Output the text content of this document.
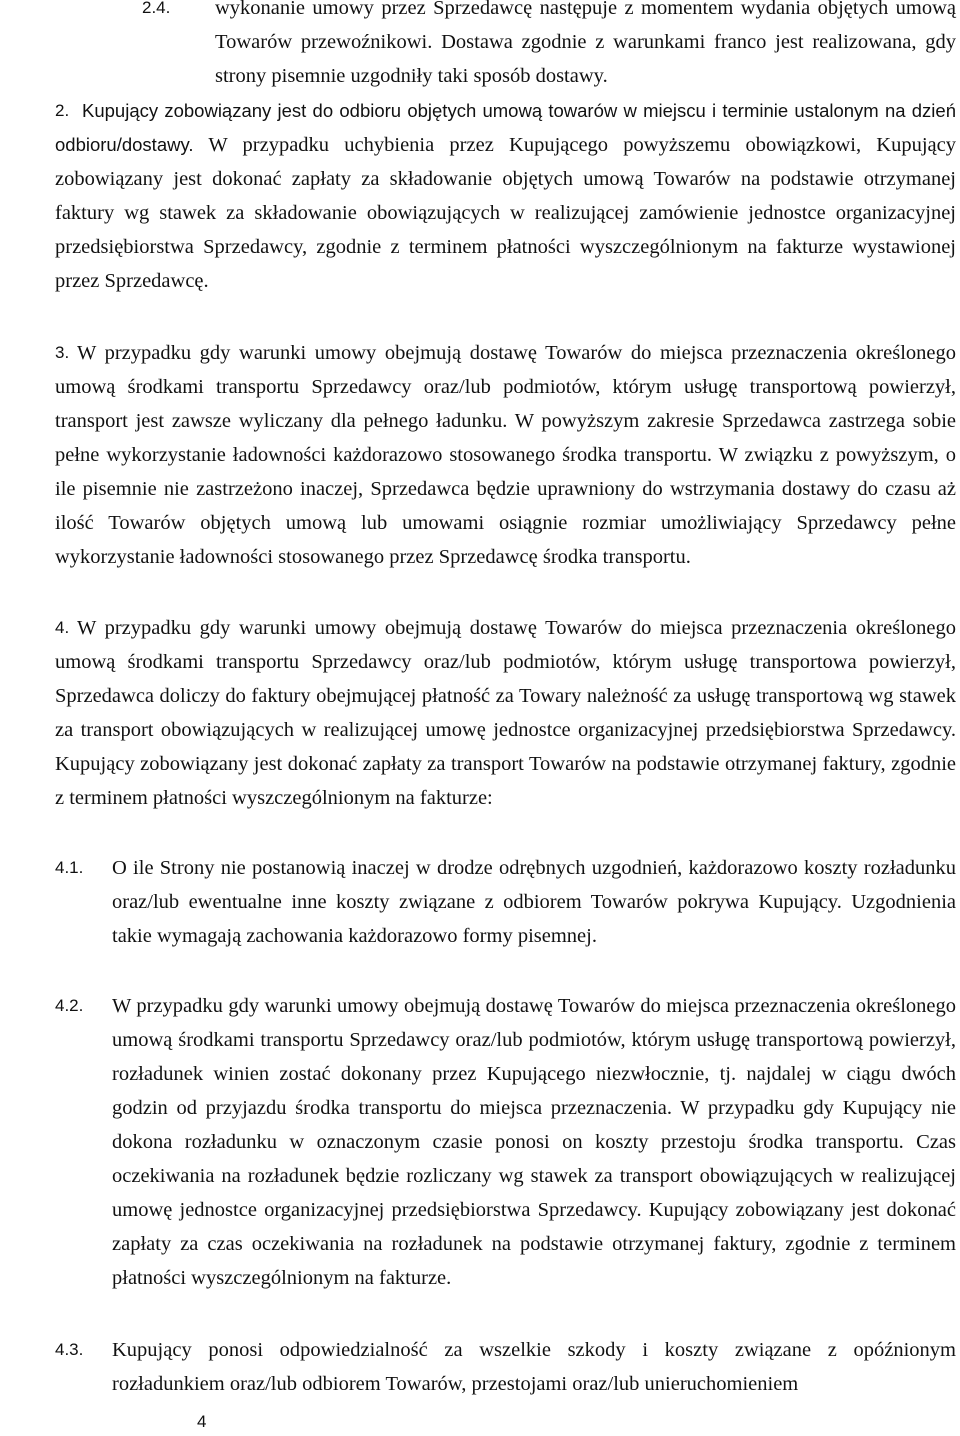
2.4. wykonanie umowy przez Sprzedawcę następuje z momentem wydania objętych umową Towarów przewoźnikowi. Dostawa zgodnie z warunkami franco jest realizowana, gdy strony pisemnie uzgodniły taki sposób dostawy.
2. Kupujący zobowiązany jest do odbioru objętych umową towarów w miejscu i terminie ustalonym na dzień odbioru/dostawy. W przypadku uchybienia przez Kupującego powyższemu obowiązkowi, Kupujący zobowiązany jest dokonać zapłaty za składowanie objętych umową Towarów na podstawie otrzymanej faktury wg stawek za składowanie obowiązujących w realizującej zamówienie jednostce organizacyjnej przedsiębiorstwa Sprzedawcy, zgodnie z terminem płatności wyszczególnionym na fakturze wystawionej przez Sprzedawcę.
3. W przypadku gdy warunki umowy obejmują dostawę Towarów do miejsca przeznaczenia określonego umową środkami transportu Sprzedawcy oraz/lub podmiotów, którym usługę transportową powierzył, transport jest zawsze wyliczany dla pełnego ładunku. W powyższym zakresie Sprzedawca zastrzega sobie pełne wykorzystanie ładowności każdorazowo stosowanego środka transportu. W związku z powyższym, o ile pisemnie nie zastrzeżono inaczej, Sprzedawca będzie uprawniony do wstrzymania dostawy do czasu aż ilość Towarów objętych umową lub umowami osiągnie rozmiar umożliwiający Sprzedawcy pełne wykorzystanie ładowności stosowanego przez Sprzedawcę środka transportu.
4. W przypadku gdy warunki umowy obejmują dostawę Towarów do miejsca przeznaczenia określonego umową środkami transportu Sprzedawcy oraz/lub podmiotów, którym usługę transportowa powierzył, Sprzedawca doliczy do faktury obejmującej płatność za Towary należność za usługę transportową wg stawek za transport obowiązujących w realizującej umowę jednostce organizacyjnej przedsiębiorstwa Sprzedawcy. Kupujący zobowiązany jest dokonać zapłaty za transport Towarów na podstawie otrzymanej faktury, zgodnie z terminem płatności wyszczególnionym na fakturze:
4.1. O ile Strony nie postanowią inaczej w drodze odrębnych uzgodnień, każdorazowo koszty rozładunku oraz/lub ewentualne inne koszty związane z odbiorem Towarów pokrywa Kupujący. Uzgodnienia takie wymagają zachowania każdorazowo formy pisemnej.
4.2. W przypadku gdy warunki umowy obejmują dostawę Towarów do miejsca przeznaczenia określonego umową środkami transportu Sprzedawcy oraz/lub podmiotów, którym usługę transportową powierzył, rozładunek winien zostać dokonany przez Kupującego niezwłocznie, tj. najdalej w ciągu dwóch godzin od przyjazdu środka transportu do miejsca przeznaczenia. W przypadku gdy Kupujący nie dokona rozładunku w oznaczonym czasie ponosi on koszty przestoju środka transportu. Czas oczekiwania na rozładunek będzie rozliczany wg stawek za transport obowiązujących w realizującej umowę jednostce organizacyjnej przedsiębiorstwa Sprzedawcy. Kupujący zobowiązany jest dokonać zapłaty za czas oczekiwania na rozładunek na podstawie otrzymanej faktury, zgodnie z terminem płatności wyszczególnionym na fakturze.
4.3. Kupujący ponosi odpowiedzialność za wszelkie szkody i koszty związane z opóźnionym rozładunkiem oraz/lub odbiorem Towarów, przestojami oraz/lub unieruchomieniem
4
